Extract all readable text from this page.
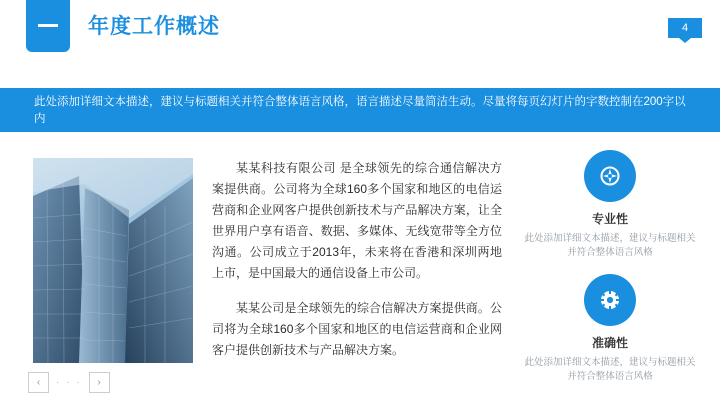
年度工作概述	4
此处添加详细文本描述，建议与标题相关并符合整体语言风格，语言描述尽量简洁生动。尽量将每页幻灯片的字数控制在200字以内

某某科技有限公司 是全球领先的综合通信解决方案提供商。公司将为全球160多个国家和地区的电信运营商和企业网客户提供创新技术与产品解决方案，让全世界用户享有语音、数据、多媒体、无线宽带等全方位沟通。公司成立于2013年，未来将在香港和深圳两地上市，是中国最大的通信设备上市公司。

某某公司是全球领先的综合信解决方案提供商。公司将为全球160多个国家和地区的电信运营商和企业网客户提供创新技术与产品解决方案。

专业性
此处添加详细文本描述，建议与标题相关并符合整体语言风格
准确性
此处添加详细文本描述，建议与标题相关并符合整体语言风格
‹	· · ·	›
